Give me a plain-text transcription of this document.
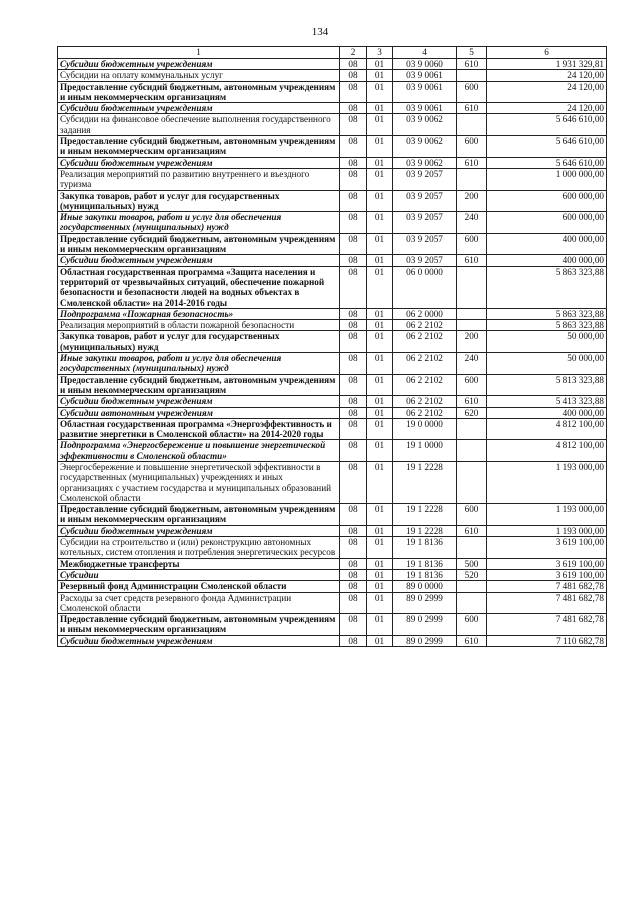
134
1	2	3	4	5	6
Субсидии бюджетным учреждениям	08	01	03 9 0060	610	1 931 329,81
Субсидии на оплату коммунальных услуг	08	01	03 9 0061		24 120,00
Предоставление субсидий бюджетным, автономным учреждениям и иным некоммерческим организациям	08	01	03 9 0061	600	24 120,00
Субсидии бюджетным учреждениям	08	01	03 9 0061	610	24 120,00
Субсидии на финансовое обеспечение выполнения государственного задания	08	01	03 9 0062		5 646 610,00
Предоставление субсидий бюджетным, автономным учреждениям и иным некоммерческим организациям	08	01	03 9 0062	600	5 646 610,00
Субсидии бюджетным учреждениям	08	01	03 9 0062	610	5 646 610,00
Реализация мероприятий по развитию внутреннего и въездного туризма	08	01	03 9 2057		1 000 000,00
Закупка товаров, работ и услуг для государственных (муниципальных) нужд	08	01	03 9 2057	200	600 000,00
Иные закупки товаров, работ и услуг для обеспечения государственных (муниципальных) нужд	08	01	03 9 2057	240	600 000,00
Предоставление субсидий бюджетным, автономным учреждениям и иным некоммерческим организациям	08	01	03 9 2057	600	400 000,00
Субсидии бюджетным учреждениям	08	01	03 9 2057	610	400 000,00
Областная государственная программа «Защита населения и территорий от чрезвычайных ситуаций, обеспечение пожарной безопасности и безопасности людей на водных объектах в Смоленской области» на 2014-2016 годы	08	01	06 0 0000		5 863 323,88
Подпрограмма «Пожарная безопасность»	08	01	06 2 0000		5 863 323,88
Реализация мероприятий в области пожарной безопасности	08	01	06 2 2102		5 863 323,88
Закупка товаров, работ и услуг для государственных (муниципальных) нужд	08	01	06 2 2102	200	50 000,00
Иные закупки товаров, работ и услуг для обеспечения государственных (муниципальных) нужд	08	01	06 2 2102	240	50 000,00
Предоставление субсидий бюджетным, автономным учреждениям и иным некоммерческим организациям	08	01	06 2 2102	600	5 813 323,88
Субсидии бюджетным учреждениям	08	01	06 2 2102	610	5 413 323,88
Субсидии автономным учреждениям	08	01	06 2 2102	620	400 000,00
Областная государственная программа «Энергоэффективность и развитие энергетики в Смоленской области» на 2014-2020 годы	08	01	19 0 0000		4 812 100,00
Подпрограмма «Энергосбережение и повышение энергетической эффективности в Смоленской области»	08	01	19 1 0000		4 812 100,00
Энергосбережение и повышение энергетической эффективности в государственных (муниципальных) учреждениях и иных организациях с участием государства и муниципальных образований Смоленской области	08	01	19 1 2228		1 193 000,00
Предоставление субсидий бюджетным, автономным учреждениям и иным некоммерческим организациям	08	01	19 1 2228	600	1 193 000,00
Субсидии бюджетным учреждениям	08	01	19 1 2228	610	1 193 000,00
Субсидии на строительство и (или) реконструкцию автономных котельных, систем отопления и потребления энергетических ресурсов	08	01	19 1 8136		3 619 100,00
Межбюджетные трансферты	08	01	19 1 8136	500	3 619 100,00
Субсидии	08	01	19 1 8136	520	3 619 100,00
Резервный фонд Администрации Смоленской области	08	01	89 0 0000		7 481 682,78
Расходы за счет средств резервного фонда Администрации Смоленской области	08	01	89 0 2999		7 481 682,78
Предоставление субсидий бюджетным, автономным учреждениям и иным некоммерческим организациям	08	01	89 0 2999	600	7 481 682,78
Субсидии бюджетным учреждениям	08	01	89 0 2999	610	7 110 682,78
